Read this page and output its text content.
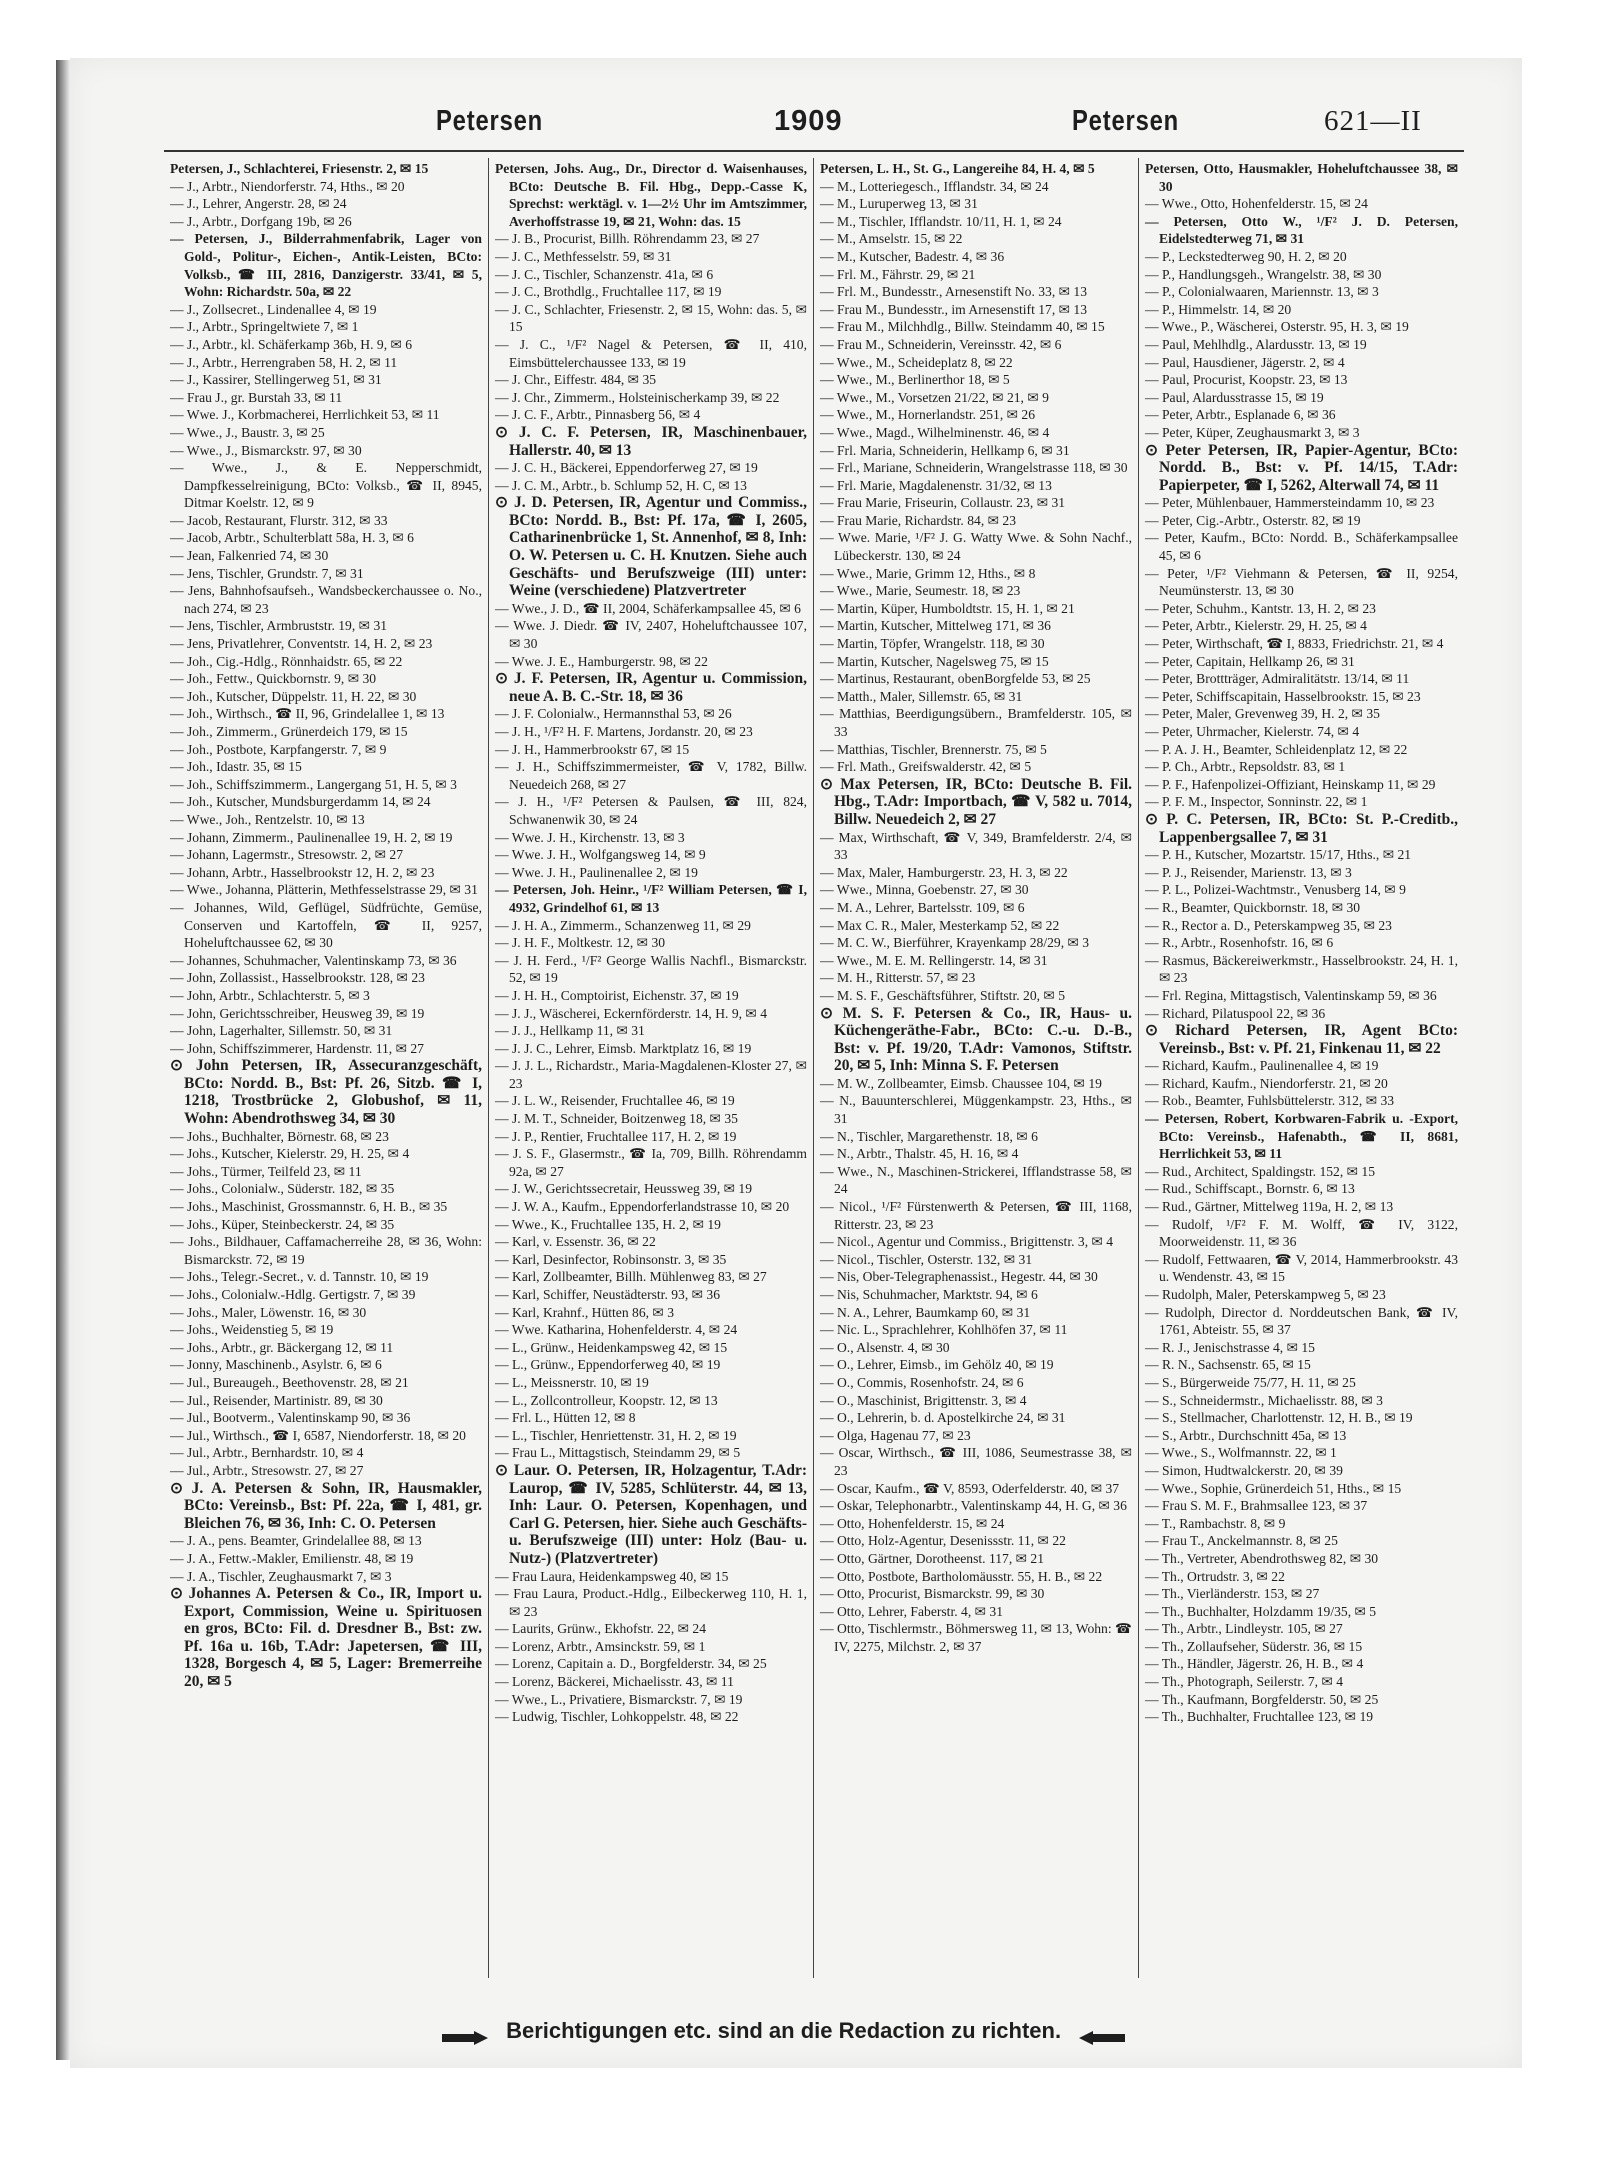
Petersen	1909	Petersen	621—II

Petersen, J., Schlachterei, Friesenstr. 2, ✉ 15

— J., Arbtr., Niendorferstr. 74, Hths., ✉ 20

— J., Lehrer, Angerstr. 28, ✉ 24

— J., Arbtr., Dorfgang 19b, ✉ 26

— Petersen, J., Bilderrahmenfabrik, Lager von Gold-, Politur-, Eichen-, Antik-Leisten, BCto: Volksb., ☎ III, 2816, Danzigerstr. 33/41, ✉ 5, Wohn: Richardstr. 50a, ✉ 22

— J., Zollsecret., Lindenallee 4, ✉ 19

— J., Arbtr., Springeltwiete 7, ✉ 1

— J., Arbtr., kl. Schäferkamp 36b, H. 9, ✉ 6

— J., Arbtr., Herrengraben 58, H. 2, ✉ 11

— J., Kassirer, Stellingerweg 51, ✉ 31

— Frau J., gr. Burstah 33, ✉ 11

— Wwe. J., Korbmacherei, Herrlichkeit 53, ✉ 11

— Wwe., J., Baustr. 3, ✉ 25

— Wwe., J., Bismarckstr. 97, ✉ 30

— Wwe., J., & E. Nepperschmidt, Dampfkesselreinigung, BCto: Volksb., ☎ II, 8945, Ditmar Koelstr. 12, ✉ 9

— Jacob, Restaurant, Flurstr. 312, ✉ 33

— Jacob, Arbtr., Schulterblatt 58a, H. 3, ✉ 6

— Jean, Falkenried 74, ✉ 30

— Jens, Tischler, Grundstr. 7, ✉ 31

— Jens, Bahnhofsaufseh., Wandsbeckerchaussee o. No., nach 274, ✉ 23

— Jens, Tischler, Armbruststr. 19, ✉ 31

— Jens, Privatlehrer, Conventstr. 14, H. 2, ✉ 23

— Joh., Cig.-Hdlg., Rönnhaidstr. 65, ✉ 22

— Joh., Fettw., Quickbornstr. 9, ✉ 30

— Joh., Kutscher, Düppelstr. 11, H. 22, ✉ 30

— Joh., Wirthsch., ☎ II, 96, Grindelallee 1, ✉ 13

— Joh., Zimmerm., Grünerdeich 179, ✉ 15

— Joh., Postbote, Karpfangerstr. 7, ✉ 9

— Joh., Idastr. 35, ✉ 15

— Joh., Schiffszimmerm., Langergang 51, H. 5, ✉ 3

— Joh., Kutscher, Mundsburgerdamm 14, ✉ 24

— Wwe., Joh., Rentzelstr. 10, ✉ 13

— Johann, Zimmerm., Paulinenallee 19, H. 2, ✉ 19

— Johann, Lagermstr., Stresowstr. 2, ✉ 27

— Johann, Arbtr., Hasselbrookstr 12, H. 2, ✉ 23

— Wwe., Johanna, Plätterin, Methfesselstrasse 29, ✉ 31

— Johannes, Wild, Geflügel, Südfrüchte, Gemüse, Conserven und Kartoffeln, ☎ II, 9257, Hoheluftchaussee 62, ✉ 30

— Johannes, Schuhmacher, Valentinskamp 73, ✉ 36

— John, Zollassist., Hasselbrookstr. 128, ✉ 23

— John, Arbtr., Schlachterstr. 5, ✉ 3

— John, Gerichtsschreiber, Heusweg 39, ✉ 19

— John, Lagerhalter, Sillemstr. 50, ✉ 31

— John, Schiffszimmerer, Hardenstr. 11, ✉ 27

⊙ John Petersen, IR, Assecuranzgeschäft, BCto: Nordd. B., Bst: Pf. 26, Sitzb. ☎ I, 1218, Trostbrücke 2, Globushof, ✉ 11, Wohn: Abendrothsweg 34, ✉ 30

— Johs., Buchhalter, Börnestr. 68, ✉ 23

— Johs., Kutscher, Kielerstr. 29, H. 25, ✉ 4

— Johs., Türmer, Teilfeld 23, ✉ 11

— Johs., Colonialw., Süderstr. 182, ✉ 35

— Johs., Maschinist, Grossmannstr. 6, H. B., ✉ 35

— Johs., Küper, Steinbeckerstr. 24, ✉ 35

— Johs., Bildhauer, Caffamacherreihe 28, ✉ 36, Wohn: Bismarckstr. 72, ✉ 19

— Johs., Telegr.-Secret., v. d. Tannstr. 10, ✉ 19

— Johs., Colonialw.-Hdlg. Gertigstr. 7, ✉ 39

— Johs., Maler, Löwenstr. 16, ✉ 30

— Johs., Weidenstieg 5, ✉ 19

— Johs., Arbtr., gr. Bäckergang 12, ✉ 11

— Jonny, Maschinenb., Asylstr. 6, ✉ 6

— Jul., Bureaugeh., Beethovenstr. 28, ✉ 21

— Jul., Reisender, Martinistr. 89, ✉ 30

— Jul., Bootverm., Valentinskamp 90, ✉ 36

— Jul., Wirthsch., ☎ I, 6587, Niendorferstr. 18, ✉ 20

— Jul., Arbtr., Bernhardstr. 10, ✉ 4

— Jul., Arbtr., Stresowstr. 27, ✉ 27

⊙ J. A. Petersen & Sohn, IR, Hausmakler, BCto: Vereinsb., Bst: Pf. 22a, ☎ I, 481, gr. Bleichen 76, ✉ 36, Inh: C. O. Petersen

— J. A., pens. Beamter, Grindelallee 88, ✉ 13

— J. A., Fettw.-Makler, Emilienstr. 48, ✉ 19

— J. A., Tischler, Zeughausmarkt 7, ✉ 3

⊙ Johannes A. Petersen & Co., IR, Import u. Export, Commission, Weine u. Spirituosen en gros, BCto: Fil. d. Dresdner B., Bst: zw. Pf. 16a u. 16b, T.Adr: Japetersen, ☎ III, 1328, Borgesch 4, ✉ 5, Lager: Bremerreihe 20, ✉ 5

Petersen, Johs. Aug., Dr., Director d. Waisenhauses, BCto: Deutsche B. Fil. Hbg., Depp.-Casse K, Sprechst: werktägl. v. 1—2½ Uhr im Amtszimmer, Averhoffstrasse 19, ✉ 21, Wohn: das. 15

— J. B., Procurist, Billh. Röhrendamm 23, ✉ 27

— J. C., Methfesselstr. 59, ✉ 31

— J. C., Tischler, Schanzenstr. 41a, ✉ 6

— J. C., Brothdlg., Fruchtallee 117, ✉ 19

— J. C., Schlachter, Friesenstr. 2, ✉ 15, Wohn: das. 5, ✉ 15

— J. C., ¹/F² Nagel & Petersen, ☎ II, 410, Eimsbüttelerchaussee 133, ✉ 19

— J. Chr., Eiffestr. 484, ✉ 35

— J. Chr., Zimmerm., Holsteinischerkamp 39, ✉ 22

— J. C. F., Arbtr., Pinnasberg 56, ✉ 4

⊙ J. C. F. Petersen, IR, Maschinenbauer, Hallerstr. 40, ✉ 13

— J. C. H., Bäckerei, Eppendorferweg 27, ✉ 19

— J. C. M., Arbtr., b. Schlump 52, H. C, ✉ 13

⊙ J. D. Petersen, IR, Agentur und Commiss., BCto: Nordd. B., Bst: Pf. 17a, ☎ I, 2605, Catharinenbrücke 1, St. Annenhof, ✉ 8, Inh: O. W. Petersen u. C. H. Knutzen. Siehe auch Geschäfts- und Berufszweige (III) unter: Weine (verschiedene) Platzvertreter

— Wwe., J. D., ☎ II, 2004, Schäferkampsallee 45, ✉ 6

— Wwe. J. Diedr. ☎ IV, 2407, Hoheluftchaussee 107, ✉ 30

— Wwe. J. E., Hamburgerstr. 98, ✉ 22

⊙ J. F. Petersen, IR, Agentur u. Commission, neue A. B. C.-Str. 18, ✉ 36

— J. F. Colonialw., Hermannsthal 53, ✉ 26

— J. H., ¹/F² H. F. Martens, Jordanstr. 20, ✉ 23

— J. H., Hammerbrookstr 67, ✉ 15

— J. H., Schiffszimmermeister, ☎ V, 1782, Billw. Neuedeich 268, ✉ 27

— J. H., ¹/F² Petersen & Paulsen, ☎ III, 824, Schwanenwik 30, ✉ 24

— Wwe. J. H., Kirchenstr. 13, ✉ 3

— Wwe. J. H., Wolfgangsweg 14, ✉ 9

— Wwe. J. H., Paulinenallee 2, ✉ 19

— Petersen, Joh. Heinr., ¹/F² William Petersen, ☎ I, 4932, Grindelhof 61, ✉ 13

— J. H. A., Zimmerm., Schanzenweg 11, ✉ 29

— J. H. F., Moltkestr. 12, ✉ 30

— J. H. Ferd., ¹/F² George Wallis Nachfl., Bismarckstr. 52, ✉ 19

— J. H. H., Comptoirist, Eichenstr. 37, ✉ 19

— J. J., Wäscherei, Eckernförderstr. 14, H. 9, ✉ 4

— J. J., Hellkamp 11, ✉ 31

— J. J. C., Lehrer, Eimsb. Marktplatz 16, ✉ 19

— J. J. L., Richardstr., Maria-Magdalenen-Kloster 27, ✉ 23

— J. L. W., Reisender, Fruchtallee 46, ✉ 19

— J. M. T., Schneider, Boitzenweg 18, ✉ 35

— J. P., Rentier, Fruchtallee 117, H. 2, ✉ 19

— J. S. F., Glasermstr., ☎ Ia, 709, Billh. Röhrendamm 92a, ✉ 27

— J. W., Gerichtssecretair, Heussweg 39, ✉ 19

— J. W. A., Kaufm., Eppendorferlandstrasse 10, ✉ 20

— Wwe., K., Fruchtallee 135, H. 2, ✉ 19

— Karl, v. Essenstr. 36, ✉ 22

— Karl, Desinfector, Robinsonstr. 3, ✉ 35

— Karl, Zollbeamter, Billh. Mühlenweg 83, ✉ 27

— Karl, Schiffer, Neustädterstr. 93, ✉ 36

— Karl, Krahnf., Hütten 86, ✉ 3

— Wwe. Katharina, Hohenfelderstr. 4, ✉ 24

— L., Grünw., Heidenkampsweg 42, ✉ 15

— L., Grünw., Eppendorferweg 40, ✉ 19

— L., Meissnerstr. 10, ✉ 19

— L., Zollcontrolleur, Koopstr. 12, ✉ 13

— Frl. L., Hütten 12, ✉ 8

— L., Tischler, Henriettenstr. 31, H. 2, ✉ 19

— Frau L., Mittagstisch, Steindamm 29, ✉ 5

⊙ Laur. O. Petersen, IR, Holzagentur, T.Adr: Laurop, ☎ IV, 5285, Schlüterstr. 44, ✉ 13, Inh: Laur. O. Petersen, Kopenhagen, und Carl G. Petersen, hier. Siehe auch Geschäfts- u. Berufszweige (III) unter: Holz (Bau- u. Nutz-) (Platzvertreter)

— Frau Laura, Heidenkampsweg 40, ✉ 15

— Frau Laura, Product.-Hdlg., Eilbeckerweg 110, H. 1, ✉ 23

— Laurits, Grünw., Ekhofstr. 22, ✉ 24

— Lorenz, Arbtr., Amsinckstr. 59, ✉ 1

— Lorenz, Capitain a. D., Borgfelderstr. 34, ✉ 25

— Lorenz, Bäckerei, Michaelisstr. 43, ✉ 11

— Wwe., L., Privatiere, Bismarckstr. 7, ✉ 19

— Ludwig, Tischler, Lohkoppelstr. 48, ✉ 22

Petersen, L. H., St. G., Langereihe 84, H. 4, ✉ 5

— M., Lotteriegesch., Ifflandstr. 34, ✉ 24

— M., Luruperweg 13, ✉ 31

— M., Tischler, Ifflandstr. 10/11, H. 1, ✉ 24

— M., Amselstr. 15, ✉ 22

— M., Kutscher, Badestr. 4, ✉ 36

— Frl. M., Fährstr. 29, ✉ 21

— Frl. M., Bundesstr., Arnesenstift No. 33, ✉ 13

— Frau M., Bundesstr., im Arnesenstift 17, ✉ 13

— Frau M., Milchhdlg., Billw. Steindamm 40, ✉ 15

— Frau M., Schneiderin, Vereinsstr. 42, ✉ 6

— Wwe., M., Scheideplatz 8, ✉ 22

— Wwe., M., Berlinerthor 18, ✉ 5

— Wwe., M., Vorsetzen 21/22, ✉ 21, ✉ 9

— Wwe., M., Hornerlandstr. 251, ✉ 26

— Wwe., Magd., Wilhelminenstr. 46, ✉ 4

— Frl. Maria, Schneiderin, Hellkamp 6, ✉ 31

— Frl., Mariane, Schneiderin, Wrangelstrasse 118, ✉ 30

— Frl. Marie, Magdalenenstr. 31/32, ✉ 13

— Frau Marie, Friseurin, Collaustr. 23, ✉ 31

— Frau Marie, Richardstr. 84, ✉ 23

— Wwe. Marie, ¹/F² J. G. Watty Wwe. & Sohn Nachf., Lübeckerstr. 130, ✉ 24

— Wwe., Marie, Grimm 12, Hths., ✉ 8

— Wwe., Marie, Seumestr. 18, ✉ 23

— Martin, Küper, Humboldtstr. 15, H. 1, ✉ 21

— Martin, Kutscher, Mittelweg 171, ✉ 36

— Martin, Töpfer, Wrangelstr. 118, ✉ 30

— Martin, Kutscher, Nagelsweg 75, ✉ 15

— Martinus, Restaurant, obenBorgfelde 53, ✉ 25

— Matth., Maler, Sillemstr. 65, ✉ 31

— Matthias, Beerdigungsübern., Bramfelderstr. 105, ✉ 33

— Matthias, Tischler, Brennerstr. 75, ✉ 5

— Frl. Math., Greifswalderstr. 42, ✉ 5

⊙ Max Petersen, IR, BCto: Deutsche B. Fil. Hbg., T.Adr: Importbach, ☎ V, 582 u. 7014, Billw. Neuedeich 2, ✉ 27

— Max, Wirthschaft, ☎ V, 349, Bramfelderstr. 2/4, ✉ 33

— Max, Maler, Hamburgerstr. 23, H. 3, ✉ 22

— Wwe., Minna, Goebenstr. 27, ✉ 30

— M. A., Lehrer, Bartelsstr. 109, ✉ 6

— Max C. R., Maler, Mesterkamp 52, ✉ 22

— M. C. W., Bierführer, Krayenkamp 28/29, ✉ 3

— Wwe., M. E. M. Rellingerstr. 14, ✉ 31

— M. H., Ritterstr. 57, ✉ 23

— M. S. F., Geschäftsführer, Stiftstr. 20, ✉ 5

⊙ M. S. F. Petersen & Co., IR, Haus- u. Küchengeräthe-Fabr., BCto: C.-u. D.-B., Bst: v. Pf. 19/20, T.Adr: Vamonos, Stiftstr. 20, ✉ 5, Inh: Minna S. F. Petersen

— M. W., Zollbeamter, Eimsb. Chaussee 104, ✉ 19

— N., Bauunterschlerei, Müggenkampstr. 23, Hths., ✉ 31

— N., Tischler, Margarethenstr. 18, ✉ 6

— N., Arbtr., Thalstr. 45, H. 16, ✉ 4

— Wwe., N., Maschinen-Strickerei, Ifflandstrasse 58, ✉ 24

— Nicol., ¹/F² Fürstenwerth & Petersen, ☎ III, 1168, Ritterstr. 23, ✉ 23

— Nicol., Agentur und Commiss., Brigittenstr. 3, ✉ 4

— Nicol., Tischler, Osterstr. 132, ✉ 31

— Nis, Ober-Telegraphenassist., Hegestr. 44, ✉ 30

— Nis, Schuhmacher, Marktstr. 94, ✉ 6

— N. A., Lehrer, Baumkamp 60, ✉ 31

— Nic. L., Sprachlehrer, Kohlhöfen 37, ✉ 11

— O., Alsenstr. 4, ✉ 30

— O., Lehrer, Eimsb., im Gehölz 40, ✉ 19

— O., Commis, Rosenhofstr. 24, ✉ 6

— O., Maschinist, Brigittenstr. 3, ✉ 4

— O., Lehrerin, b. d. Apostelkirche 24, ✉ 31

— Olga, Hagenau 77, ✉ 23

— Oscar, Wirthsch., ☎ III, 1086, Seumestrasse 38, ✉ 23

— Oscar, Kaufm., ☎ V, 8593, Oderfelderstr. 40, ✉ 37

— Oskar, Telephonarbtr., Valentinskamp 44, H. G, ✉ 36

— Otto, Hohenfelderstr. 15, ✉ 24

— Otto, Holz-Agentur, Desenissstr. 11, ✉ 22

— Otto, Gärtner, Dorotheenst. 117, ✉ 21

— Otto, Postbote, Bartholomäusstr. 55, H. B., ✉ 22

— Otto, Procurist, Bismarckstr. 99, ✉ 30

— Otto, Lehrer, Faberstr. 4, ✉ 31

— Otto, Tischlermstr., Böhmersweg 11, ✉ 13, Wohn: ☎ IV, 2275, Milchstr. 2, ✉ 37

Petersen, Otto, Hausmakler, Hoheluftchaussee 38, ✉ 30

— Wwe., Otto, Hohenfelderstr. 15, ✉ 24

— Petersen, Otto W., ¹/F² J. D. Petersen, Eidelstedterweg 71, ✉ 31

— P., Leckstedterweg 90, H. 2, ✉ 20

— P., Handlungsgeh., Wrangelstr. 38, ✉ 30

— P., Colonialwaaren, Mariennstr. 13, ✉ 3

— P., Himmelstr. 14, ✉ 20

— Wwe., P., Wäscherei, Osterstr. 95, H. 3, ✉ 19

— Paul, Mehlhdlg., Alardusstr. 13, ✉ 19

— Paul, Hausdiener, Jägerstr. 2, ✉ 4

— Paul, Procurist, Koopstr. 23, ✉ 13

— Paul, Alardusstrasse 15, ✉ 19

— Peter, Arbtr., Esplanade 6, ✉ 36

— Peter, Küper, Zeughausmarkt 3, ✉ 3

⊙ Peter Petersen, IR, Papier-Agentur, BCto: Nordd. B., Bst: v. Pf. 14/15, T.Adr: Papierpeter, ☎ I, 5262, Alterwall 74, ✉ 11

— Peter, Mühlenbauer, Hammersteindamm 10, ✉ 23

— Peter, Cig.-Arbtr., Osterstr. 82, ✉ 19

— Peter, Kaufm., BCto: Nordd. B., Schäferkampsallee 45, ✉ 6

— Peter, ¹/F² Viehmann & Petersen, ☎ II, 9254, Neumünsterstr. 13, ✉ 30

— Peter, Schuhm., Kantstr. 13, H. 2, ✉ 23

— Peter, Arbtr., Kielerstr. 29, H. 25, ✉ 4

— Peter, Wirthschaft, ☎ I, 8833, Friedrichstr. 21, ✉ 4

— Peter, Capitain, Hellkamp 26, ✉ 31

— Peter, Brottträger, Admiralitätstr. 13/14, ✉ 11

— Peter, Schiffscapitain, Hasselbrookstr. 15, ✉ 23

— Peter, Maler, Grevenweg 39, H. 2, ✉ 35

— Peter, Uhrmacher, Kielerstr. 74, ✉ 4

— P. A. J. H., Beamter, Schleidenplatz 12, ✉ 22

— P. Ch., Arbtr., Repsoldstr. 83, ✉ 1

— P. F., Hafenpolizei-Offiziant, Heinskamp 11, ✉ 29

— P. F. M., Inspector, Sonninstr. 22, ✉ 1

⊙ P. C. Petersen, IR, BCto: St. P.-Creditb., Lappenbergsallee 7, ✉ 31

— P. H., Kutscher, Mozartstr. 15/17, Hths., ✉ 21

— P. J., Reisender, Marienstr. 13, ✉ 3

— P. L., Polizei-Wachtmstr., Venusberg 14, ✉ 9

— R., Beamter, Quickbornstr. 18, ✉ 30

— R., Rector a. D., Peterskampweg 35, ✉ 23

— R., Arbtr., Rosenhofstr. 16, ✉ 6

— Rasmus, Bäckereiwerkmstr., Hasselbrookstr. 24, H. 1, ✉ 23

— Frl. Regina, Mittagstisch, Valentinskamp 59, ✉ 36

— Richard, Pilatuspool 22, ✉ 36

⊙ Richard Petersen, IR, Agent BCto: Vereinsb., Bst: v. Pf. 21, Finkenau 11, ✉ 22

— Richard, Kaufm., Paulinenallee 4, ✉ 19

— Richard, Kaufm., Niendorferstr. 21, ✉ 20

— Rob., Beamter, Fuhlsbüttelerstr. 312, ✉ 33

— Petersen, Robert, Korbwaren-Fabrik u. -Export, BCto: Vereinsb., Hafenabth., ☎ II, 8681, Herrlichkeit 53, ✉ 11

— Rud., Architect, Spaldingstr. 152, ✉ 15

— Rud., Schiffscapt., Bornstr. 6, ✉ 13

— Rud., Gärtner, Mittelweg 119a, H. 2, ✉ 13

— Rudolf, ¹/F² F. M. Wolff, ☎ IV, 3122, Moorweidenstr. 11, ✉ 36

— Rudolf, Fettwaaren, ☎ V, 2014, Hammerbrookstr. 43 u. Wendenstr. 43, ✉ 15

— Rudolph, Maler, Peterskampweg 5, ✉ 23

— Rudolph, Director d. Norddeutschen Bank, ☎ IV, 1761, Abteistr. 55, ✉ 37

— R. J., Jenischstrasse 4, ✉ 15

— R. N., Sachsenstr. 65, ✉ 15

— S., Bürgerweide 75/77, H. 11, ✉ 25

— S., Schneidermstr., Michaelisstr. 88, ✉ 3

— S., Stellmacher, Charlottenstr. 12, H. B., ✉ 19

— S., Arbtr., Durchschnitt 45a, ✉ 13

— Wwe., S., Wolfmannstr. 22, ✉ 1

— Simon, Hudtwalckerstr. 20, ✉ 39

— Wwe., Sophie, Grünerdeich 51, Hths., ✉ 15

— Frau S. M. F., Brahmsallee 123, ✉ 37

— T., Rambachstr. 8, ✉ 9

— Frau T., Anckelmannstr. 8, ✉ 25

— Th., Vertreter, Abendrothsweg 82, ✉ 30

— Th., Ortrudstr. 3, ✉ 22

— Th., Vierländerstr. 153, ✉ 27

— Th., Buchhalter, Holzdamm 19/35, ✉ 5

— Th., Arbtr., Lindleystr. 105, ✉ 27

— Th., Zollaufseher, Süderstr. 36, ✉ 15

— Th., Händler, Jägerstr. 26, H. B., ✉ 4

— Th., Photograph, Seilerstr. 7, ✉ 4

— Th., Kaufmann, Borgfelderstr. 50, ✉ 25

— Th., Buchhalter, Fruchtallee 123, ✉ 19

Berichtigungen etc. sind an die Redaction zu richten.
